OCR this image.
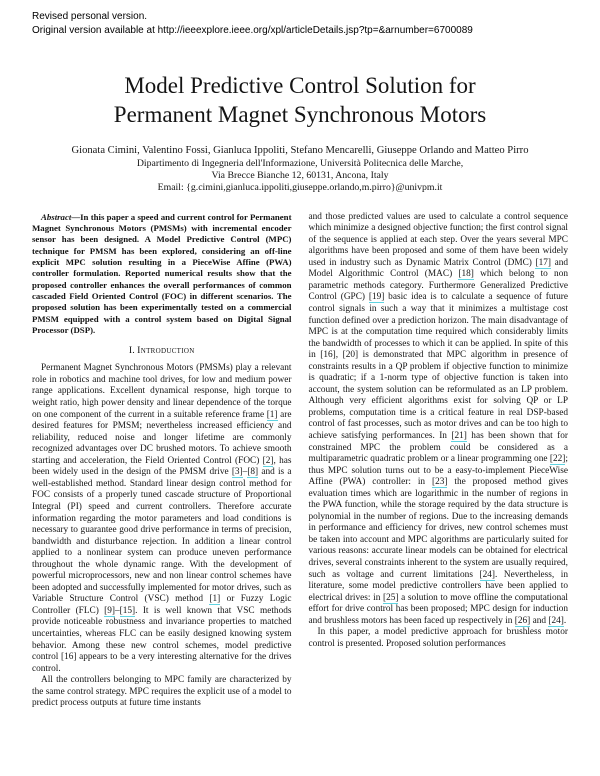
Revised personal version.
Original version available at http://ieeexplore.ieee.org/xpl/articleDetails.jsp?tp=&arnumber=6700089
Model Predictive Control Solution for
Permanent Magnet Synchronous Motors
Gionata Cimini, Valentino Fossi, Gianluca Ippoliti, Stefano Mencarelli, Giuseppe Orlando and Matteo Pirro
Dipartimento di Ingegneria dell'Informazione, Università Politecnica delle Marche,
Via Brecce Bianche 12, 60131, Ancona, Italy
Email: {g.cimini,gianluca.ippoliti,giuseppe.orlando,m.pirro}@univpm.it

Abstract—In this paper a speed and current control for Permanent Magnet Synchronous Motors (PMSMs) with incremental encoder sensor has been designed. A Model Predictive Control (MPC) technique for PMSM has been explored, considering an off-line explicit MPC solution resulting in a PieceWise Affine (PWA) controller formulation. Reported numerical results show that the proposed controller enhances the overall performances of common cascaded Field Oriented Control (FOC) in different scenarios. The proposed solution has been experimentally tested on a commercial PMSM equipped with a control system based on Digital Signal Processor (DSP).

I. Introduction

Permanent Magnet Synchronous Motors (PMSMs) play a relevant role in robotics and machine tool drives, for low and medium power range applications. Excellent dynamical response, high torque to weight ratio, high power density and linear dependence of the torque on one component of the current in a suitable reference frame [1] are desired features for PMSM; nevertheless increased efficiency and reliability, reduced noise and longer lifetime are commonly recognized advantages over DC brushed motors. To achieve smooth starting and acceleration, the Field Oriented Control (FOC) [2], has been widely used in the design of the PMSM drive [3]–[8] and is a well-established method. Standard linear design control method for FOC consists of a properly tuned cascade structure of Proportional Integral (PI) speed and current controllers. Therefore accurate information regarding the motor parameters and load conditions is necessary to guarantee good drive performance in terms of precision, bandwidth and disturbance rejection. In addition a linear control applied to a nonlinear system can produce uneven performance throughout the whole dynamic range. With the development of powerful microprocessors, new and non linear control schemes have been adopted and successfully implemented for motor drives, such as Variable Structure Control (VSC) method [1] or Fuzzy Logic Controller (FLC) [9]–[15]. It is well known that VSC methods provide noticeable robustness and invariance properties to matched uncertainties, whereas FLC can be easily designed knowing system behavior. Among these new control schemes, model predictive control [16] appears to be a very interesting alternative for the drives control.

All the controllers belonging to MPC family are characterized by the same control strategy. MPC requires the explicit use of a model to predict process outputs at future time instants

and those predicted values are used to calculate a control sequence which minimize a designed objective function; the first control signal of the sequence is applied at each step. Over the years several MPC algorithms have been proposed and some of them have been widely used in industry such as Dynamic Matrix Control (DMC) [17] and Model Algorithmic Control (MAC) [18] which belong to non parametric methods category. Furthermore Generalized Predictive Control (GPC) [19] basic idea is to calculate a sequence of future control signals in such a way that it minimizes a multistage cost function defined over a prediction horizon. The main disadvantage of MPC is at the computation time required which considerably limits the bandwidth of processes to which it can be applied. In spite of this in [16], [20] is demonstrated that MPC algorithm in presence of constraints results in a QP problem if objective function to minimize is quadratic; if a 1-norm type of objective function is taken into account, the system solution can be reformulated as an LP problem. Although very efficient algorithms exist for solving QP or LP problems, computation time is a critical feature in real DSP-based control of fast processes, such as motor drives and can be too high to achieve satisfying performances. In [21] has been shown that for constrained MPC the problem could be considered as a multiparametric quadratic problem or a linear programming one [22]; thus MPC solution turns out to be a easy-to-implement PieceWise Affine (PWA) controller: in [23] the proposed method gives evaluation times which are logarithmic in the number of regions in the PWA function, while the storage required by the data structure is polynomial in the number of regions. Due to the increasing demands in performance and efficiency for drives, new control schemes must be taken into account and MPC algorithms are particularly suited for various reasons: accurate linear models can be obtained for electrical drives, several constraints inherent to the system are usually required, such as voltage and current limitations [24]. Nevertheless, in literature, some model predictive controllers have been applied to electrical drives: in [25] a solution to move offline the computational effort for drive control has been proposed; MPC design for induction and brushless motors has been faced up respectively in [26] and [24].

In this paper, a model predictive approach for brushless motor control is presented. Proposed solution performances
